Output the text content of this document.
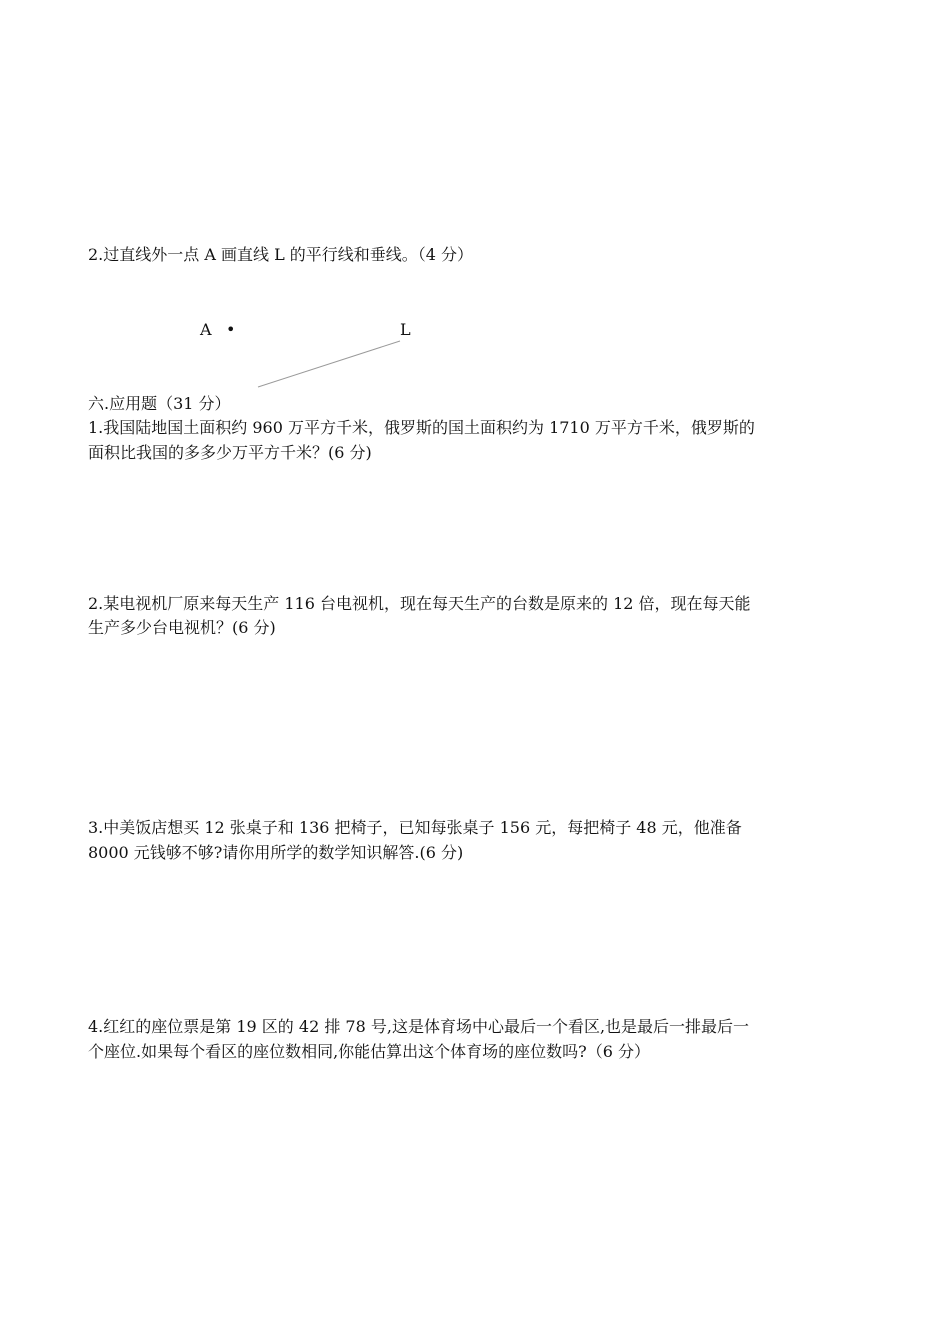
2.过直线外一点 A 画直线 L 的平行线和垂线。（4 分）
A •	L
六.应用题（31 分）
1.我国陆地国土面积约 960 万平方千米，俄罗斯的国土面积约为 1710 万平方千米，俄罗斯的
面积比我国的多多少万平方千米？(6 分)
2.某电视机厂原来每天生产 116 台电视机，现在每天生产的台数是原来的 12 倍，现在每天能
生产多少台电视机？(6 分)
3.中美饭店想买 12 张桌子和 136 把椅子，已知每张桌子 156 元，每把椅子 48 元，他准备
8000 元钱够不够?请你用所学的数学知识解答.(6 分)
4.红红的座位票是第 19 区的 42 排 78 号,这是体育场中心最后一个看区,也是最后一排最后一
个座位.如果每个看区的座位数相同,你能估算出这个体育场的座位数吗?（6 分）
